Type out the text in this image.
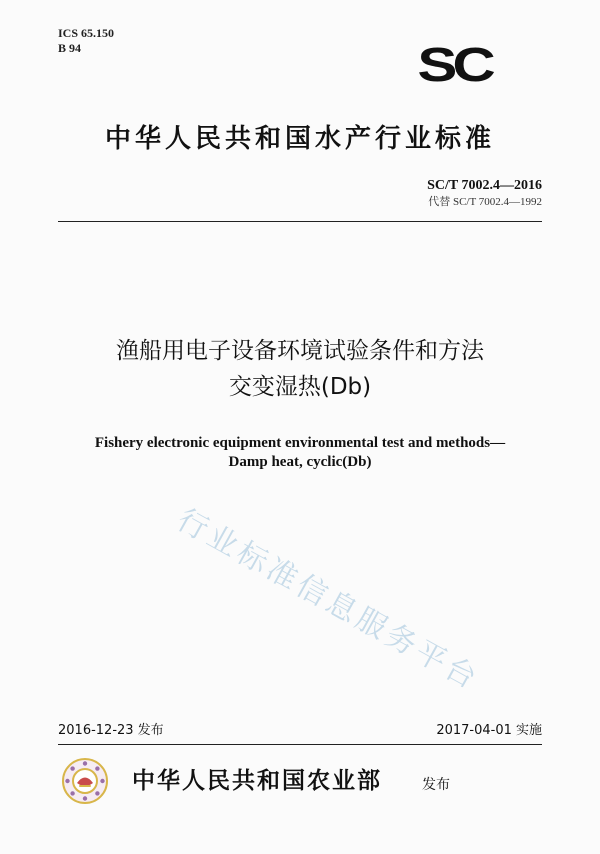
ICS 65.150
B 94	SC
中华人民共和国水产行业标准
SC/T 7002.4—2016
代替 SC/T 7002.4—1992
渔船用电子设备环境试验条件和方法
交变湿热(Db)
Fishery electronic equipment environmental test and methods—
Damp heat, cyclic(Db)
行业标准信息服务平台
2016-12-23 发布	2017-04-01 实施
中华人民共和国农业部	发布
